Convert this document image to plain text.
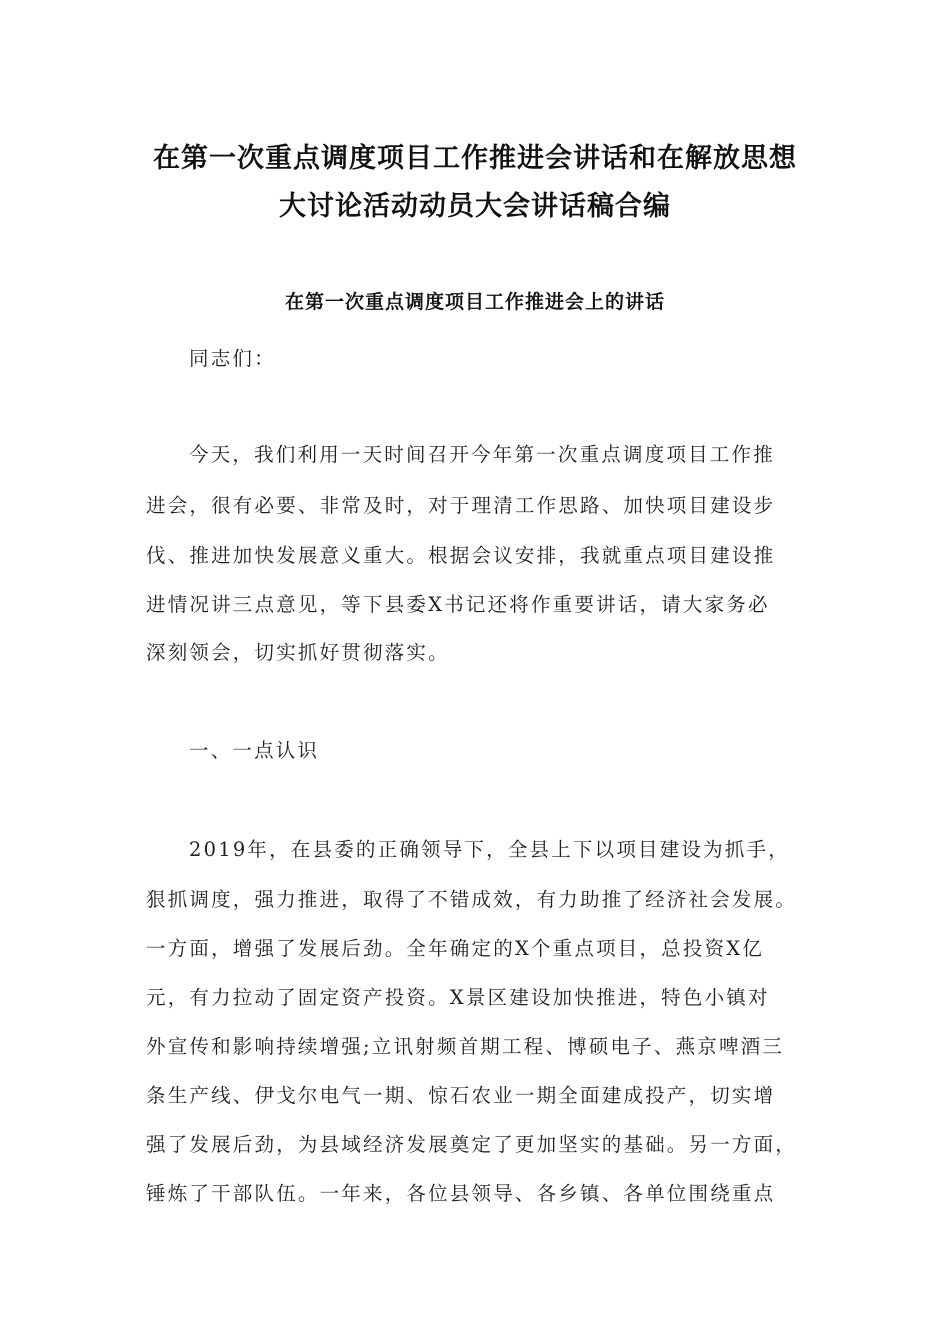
在第一次重点调度项目工作推进会讲话和在解放思想
大讨论活动动员大会讲话稿合编
在第一次重点调度项目工作推进会上的讲话

同志们：

今天，我们利用一天时间召开今年第一次重点调度项目工作推

进会，很有必要、非常及时，对于理清工作思路、加快项目建设步

伐、推进加快发展意义重大。根据会议安排，我就重点项目建设推

进情况讲三点意见，等下县委X书记还将作重要讲话，请大家务必

深刻领会，切实抓好贯彻落实。

一、一点认识

2019年，在县委的正确领导下，全县上下以项目建设为抓手，

狠抓调度，强力推进，取得了不错成效，有力助推了经济社会发展。

一方面，增强了发展后劲。全年确定的X个重点项目，总投资X亿

元，有力拉动了固定资产投资。X景区建设加快推进，特色小镇对

外宣传和影响持续增强;立讯射频首期工程、博硕电子、燕京啤酒三

条生产线、伊戈尔电气一期、惊石农业一期全面建成投产，切实增

强了发展后劲，为县域经济发展奠定了更加坚实的基础。另一方面，

锤炼了干部队伍。一年来，各位县领导、各乡镇、各单位围绕重点
